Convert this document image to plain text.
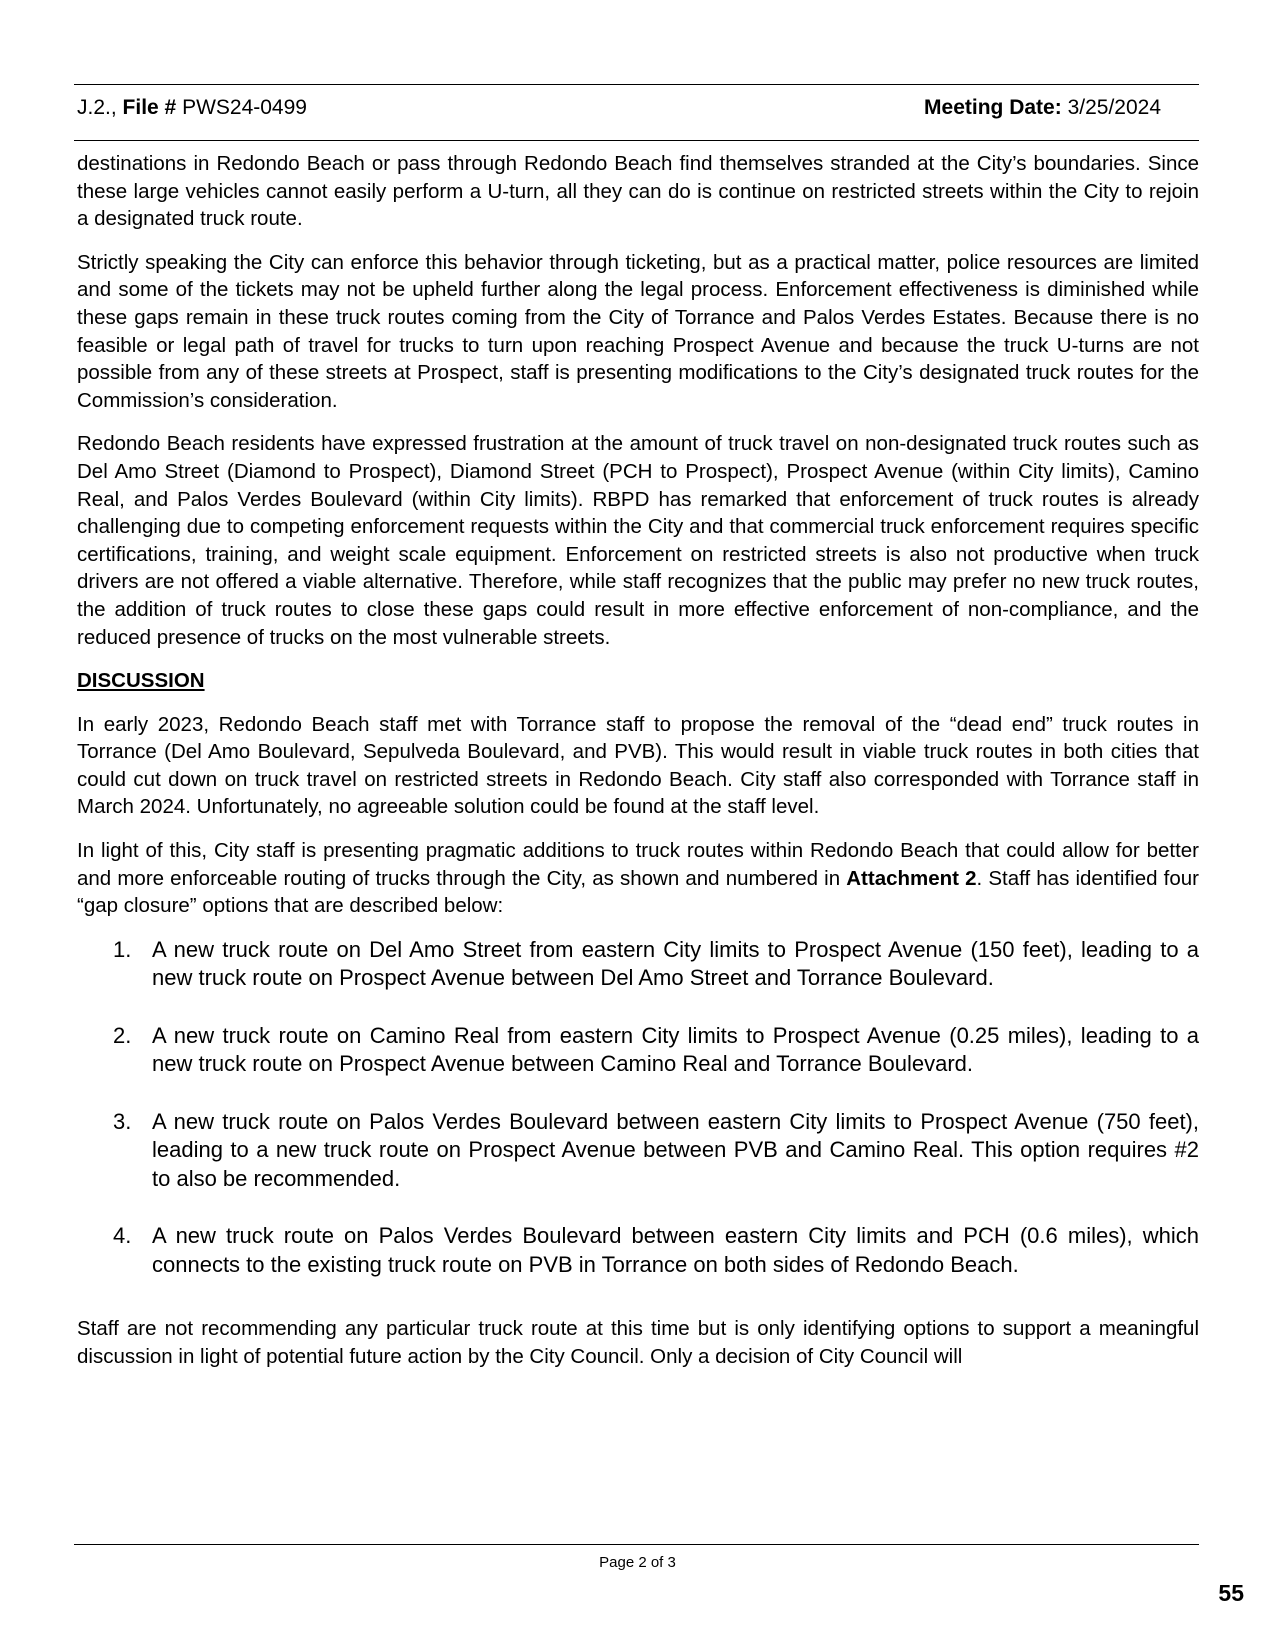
J.2., File # PWS24-0499	Meeting Date: 3/25/2024

destinations in Redondo Beach or pass through Redondo Beach find themselves stranded at the City’s boundaries. Since these large vehicles cannot easily perform a U-turn, all they can do is continue on restricted streets within the City to rejoin a designated truck route.

Strictly speaking the City can enforce this behavior through ticketing, but as a practical matter, police resources are limited and some of the tickets may not be upheld further along the legal process. Enforcement effectiveness is diminished while these gaps remain in these truck routes coming from the City of Torrance and Palos Verdes Estates. Because there is no feasible or legal path of travel for trucks to turn upon reaching Prospect Avenue and because the truck U-turns are not possible from any of these streets at Prospect, staff is presenting modifications to the City’s designated truck routes for the Commission’s consideration.

Redondo Beach residents have expressed frustration at the amount of truck travel on non-designated truck routes such as Del Amo Street (Diamond to Prospect), Diamond Street (PCH to Prospect), Prospect Avenue (within City limits), Camino Real, and Palos Verdes Boulevard (within City limits). RBPD has remarked that enforcement of truck routes is already challenging due to competing enforcement requests within the City and that commercial truck enforcement requires specific certifications, training, and weight scale equipment. Enforcement on restricted streets is also not productive when truck drivers are not offered a viable alternative. Therefore, while staff recognizes that the public may prefer no new truck routes, the addition of truck routes to close these gaps could result in more effective enforcement of non-compliance, and the reduced presence of trucks on the most vulnerable streets.

DISCUSSION

In early 2023, Redondo Beach staff met with Torrance staff to propose the removal of the “dead end” truck routes in Torrance (Del Amo Boulevard, Sepulveda Boulevard, and PVB). This would result in viable truck routes in both cities that could cut down on truck travel on restricted streets in Redondo Beach. City staff also corresponded with Torrance staff in March 2024. Unfortunately, no agreeable solution could be found at the staff level.

In light of this, City staff is presenting pragmatic additions to truck routes within Redondo Beach that could allow for better and more enforceable routing of trucks through the City, as shown and numbered in Attachment 2. Staff has identified four “gap closure” options that are described below:

1. A new truck route on Del Amo Street from eastern City limits to Prospect Avenue (150 feet), leading to a new truck route on Prospect Avenue between Del Amo Street and Torrance Boulevard.
2. A new truck route on Camino Real from eastern City limits to Prospect Avenue (0.25 miles), leading to a new truck route on Prospect Avenue between Camino Real and Torrance Boulevard.
3. A new truck route on Palos Verdes Boulevard between eastern City limits to Prospect Avenue (750 feet), leading to a new truck route on Prospect Avenue between PVB and Camino Real. This option requires #2 to also be recommended.
4. A new truck route on Palos Verdes Boulevard between eastern City limits and PCH (0.6 miles), which connects to the existing truck route on PVB in Torrance on both sides of Redondo Beach.

Staff are not recommending any particular truck route at this time but is only identifying options to support a meaningful discussion in light of potential future action by the City Council. Only a decision of City Council will

Page 2 of 3
55
